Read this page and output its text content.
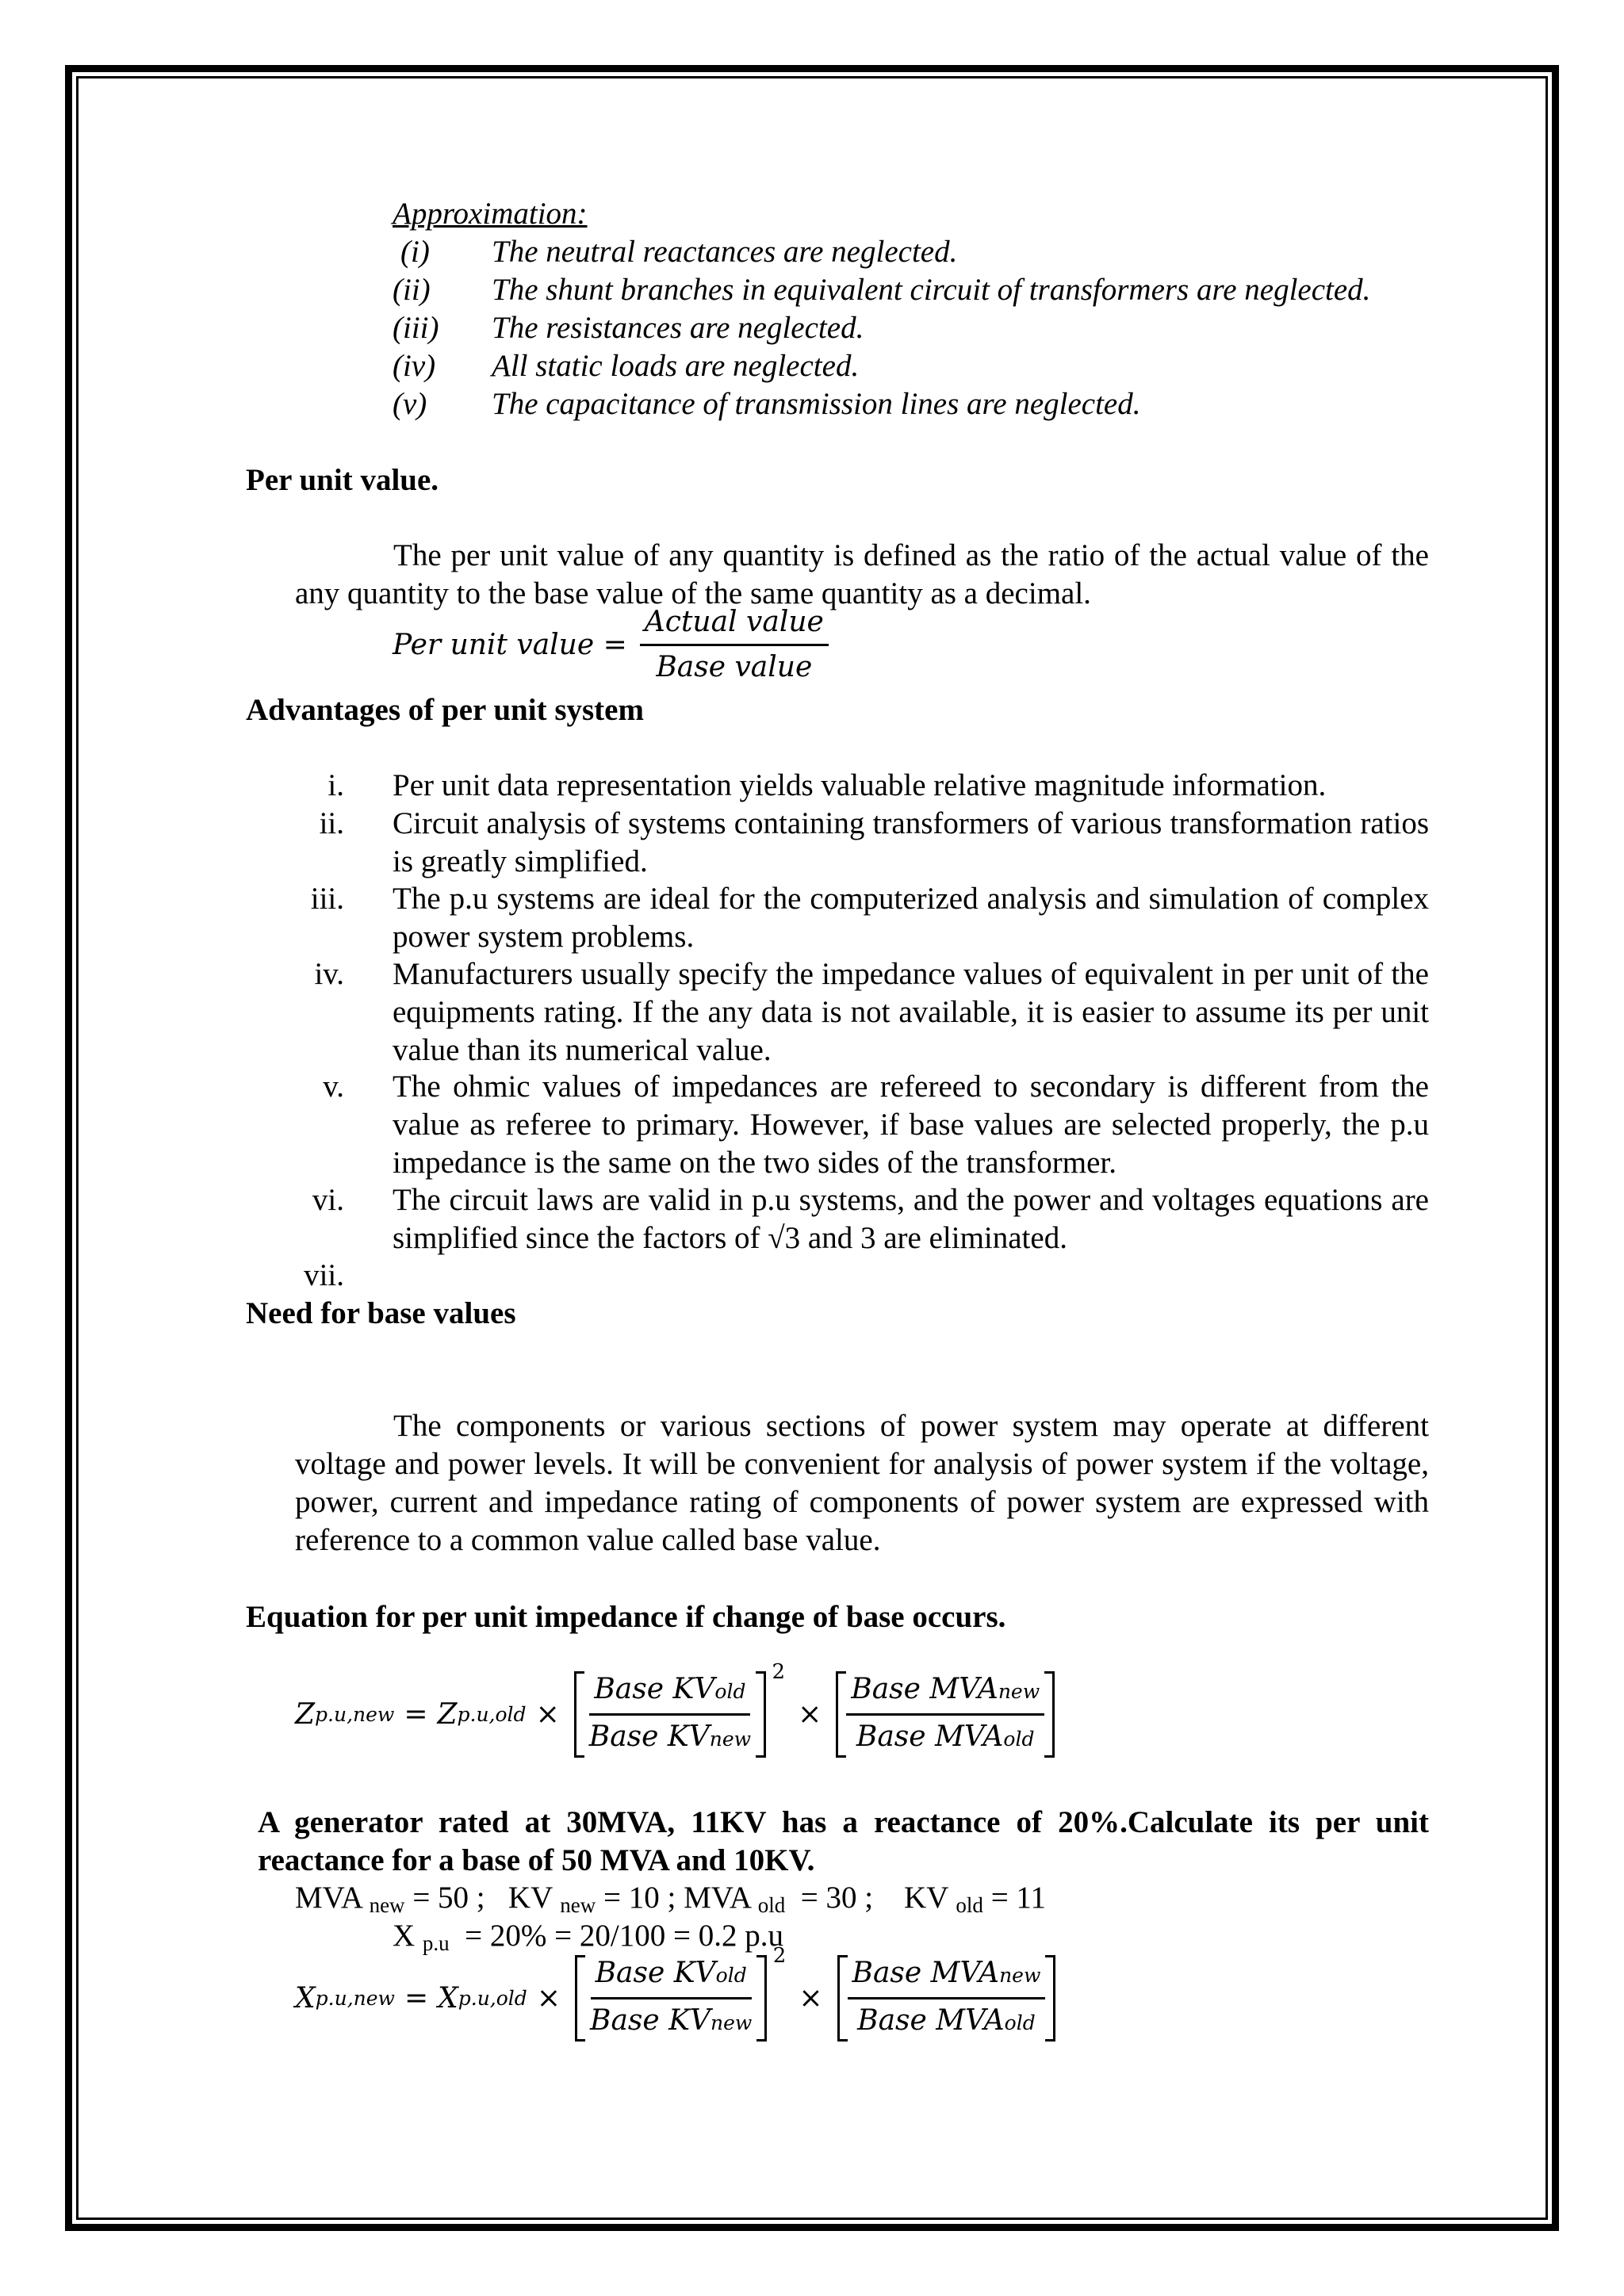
Approximation:
(i) The neutral reactances are neglected.
(ii) The shunt branches in equivalent circuit of transformers are neglected.
(iii) The resistances are neglected.
(iv) All static loads are neglected.
(v) The capacitance of transmission lines are neglected.
Per unit value.
The per unit value of any quantity is defined as the ratio of the actual value of the any quantity to the base value of the same quantity as a decimal.
Per unit value = $\frac{\text{Actual value}}{\text{Base value}}$
Advantages of per unit system
i. Per unit data representation yields valuable relative magnitude information.
ii. Circuit analysis of systems containing transformers of various transformation ratios is greatly simplified.
iii. The p.u systems are ideal for the computerized analysis and simulation of complex power system problems.
iv. Manufacturers usually specify the impedance values of equivalent in per unit of the equipments rating. If the any data is not available, it is easier to assume its per unit value than its numerical value.
v. The ohmic values of impedances are refereed to secondary is different from the value as referee to primary. However, if base values are selected properly, the p.u impedance is the same on the two sides of the transformer.
vi. The circuit laws are valid in p.u systems, and the power and voltages equations are simplified since the factors of √3 and 3 are eliminated.
vii.
Need for base values
The components or various sections of power system may operate at different voltage and power levels. It will be convenient for analysis of power system if the voltage, power, current and impedance rating of components of power system are expressed with reference to a common value called base value.
Equation for per unit impedance if change of base occurs.
Z p.u,new = Z $p.u,old \times \frac{\text{Base KVold}}{\text{Base KVnew}} 2$
× $\frac{\text{Base MVAnew}}{\text{Base MVAold}}$
A generator rated at 30MVA, 11KV has a reactance of 20%.Calculate its per unit reactance for a base of 50 MVA and 10KV.
MVA $_{new}$ = 50 ; KV $_{new}$ = 10 ; MVA $_{old}$ = 30 ; KV $_{old}$ = 11
X $_{p.u}$ = 20% = 20/100 = 0.2 p.u
X p.u,new = X $p.u,old \times \frac{\text{Base KVold}}{\text{Base KVnew}} 2$
× $\frac{\text{Base MVAnew}}{\text{Base MVAold}}$
